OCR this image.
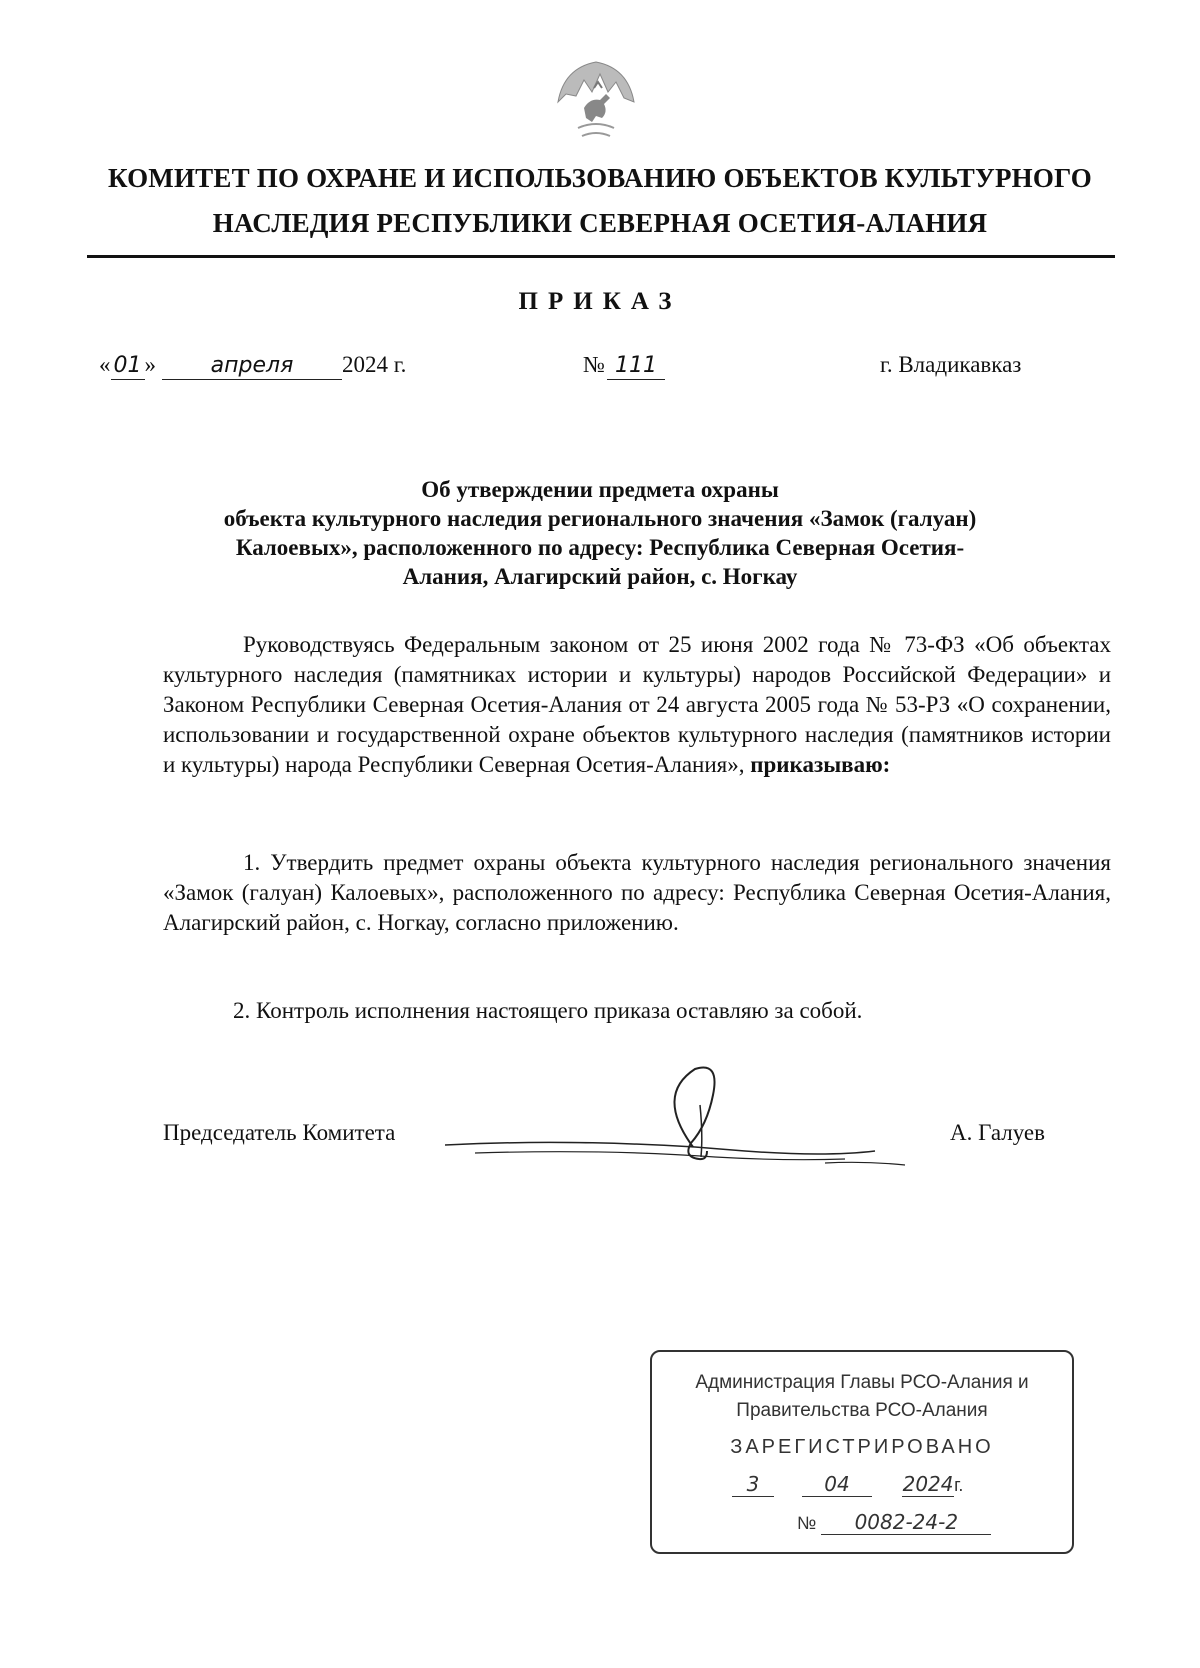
КОМИТЕТ ПО ОХРАНЕ И ИСПОЛЬЗОВАНИЮ ОБЪЕКТОВ КУЛЬТУРНОГО
НАСЛЕДИЯ РЕСПУБЛИКИ СЕВЕРНАЯ ОСЕТИЯ-АЛАНИЯ
ПРИКАЗ
« 01 » апреля 2024 г.	№ 111	г. Владикавказ
Об утверждении предмета охраны
объекта культурного наследия регионального значения «Замок (галуан)
Калоевых», расположенного по адресу: Республика Северная Осетия-
Алания, Алагирский район, с. Ногкау
Руководствуясь Федеральным законом от 25 июня 2002 года № 73-ФЗ «Об объектах культурного наследия (памятниках истории и культуры) народов Российской Федерации» и Законом Республики Северная Осетия-Алания от 24 августа 2005 года № 53-РЗ «О сохранении, использовании и государственной охране объектов культурного наследия (памятников истории и культуры) народа Республики Северная Осетия-Алания», приказываю:
1. Утвердить предмет охраны объекта культурного наследия регионального значения «Замок (галуан) Калоевых», расположенного по адресу: Республика Северная Осетия-Алания, Алагирский район, с. Ногкау, согласно приложению.
2. Контроль исполнения настоящего приказа оставляю за собой.
Председатель Комитета	А. Галуев
Администрация Главы РСО-Алания и
Правительства РСО-Алания
ЗАРЕГИСТРИРОВАНО
3	04	2024г.
№ 0082-24-2
